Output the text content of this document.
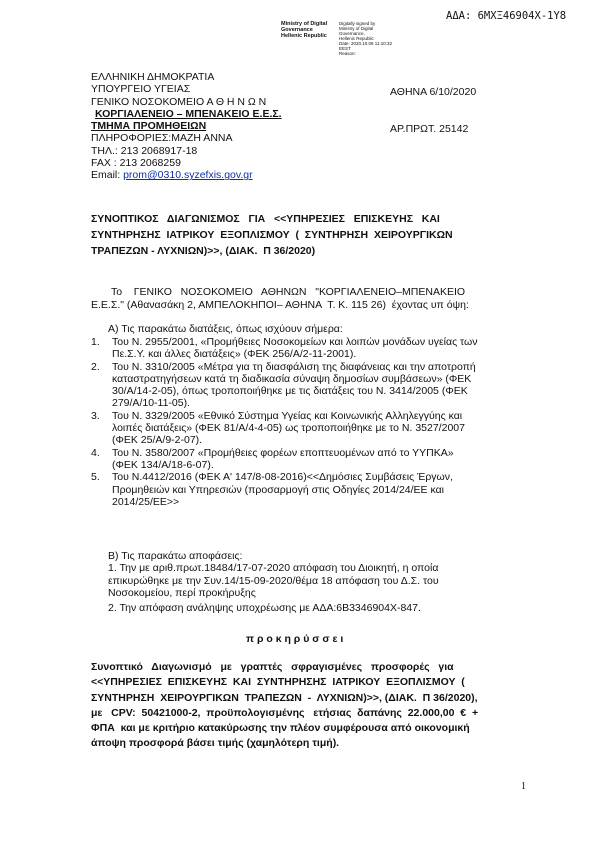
ΑΔΑ: 6ΜΧΞ46904Χ-1Υ8
Ministry of Digital
Governance
Hellenic Republic
Digitally signed by
Ministry of Digital
Governance,
Hellenic Republic
Date: 2020.10.06 11:10:32
EEST
Reason:
ΕΛΛΗΝΙΚΗ ΔΗΜΟΚΡΑΤΙΑ
ΥΠΟΥΡΓΕΙΟ ΥΓΕΙΑΣ
ΓΕΝΙΚΟ ΝΟΣΟΚΟΜΕΙΟ Α Θ Η Ν Ω Ν
ΚΟΡΓΙΑΛΕΝΕΙΟ – ΜΠΕΝΑΚΕΙΟ Ε.Ε.Σ.
ΤΜΗΜΑ ΠΡΟΜΗΘΕΙΩΝ
ΠΛΗΡΟΦΟΡΙΕΣ:ΜΑΖΗ ΑΝΝΑ
ΤΗΛ.: 213 2068917-18
FAX : 213 2068259
Email: prom@0310.syzefxis.gov.gr
ΑΘΗΝΑ 6/10/2020
ΑΡ.ΠΡΩΤ. 25142
ΣΥΝΟΠΤΙΚΟΣ   ΔΙΑΓΩΝΙΣΜΟΣ   ΓΙΑ   <<ΥΠΗΡΕΣΙΕΣ   ΕΠΙΣΚΕΥΗΣ   ΚΑΙ
ΣΥΝΤΗΡΗΣΗΣ  ΙΑΤΡΙΚΟΥ  ΕΞΟΠΛΙΣΜΟΥ  (  ΣΥΝΤΗΡΗΣΗ  ΧΕΙΡΟΥΡΓΙΚΩΝ
ΤΡΑΠΕΖΩΝ - ΛΥΧΝΙΩΝ)>>, (ΔΙΑΚ.  Π 36/2020)
Το    ΓΕΝΙΚΟ   ΝΟΣΟΚΟΜΕΙΟ   ΑΘΗΝΩΝ   "ΚΟΡΓΙΑΛΕΝΕΙΟ–ΜΠΕΝΑΚΕΙΟ
Ε.Ε.Σ." (Αθανασάκη 2, ΑΜΠΕΛΟΚΗΠΟΙ– ΑΘΗΝΑ  Τ. Κ. 115 26)  έχοντας υπ όψη:
Α) Τις παρακάτω διατάξεις, όπως ισχύουν σήμερα:
1. Του Ν. 2955/2001, «Προμήθειες Νοσοκομείων και λοιπών μονάδων υγείας των
Πε.Σ.Υ. και άλλες διατάξεις» (ΦΕΚ 256/Α/2-11-2001).
2. Του Ν. 3310/2005 «Μέτρα για τη διασφάλιση της διαφάνειας και την αποτροπή
καταστρατηγήσεων κατά τη διαδικασία σύναψη δημοσίων συμβάσεων» (ΦΕΚ
30/Α/14-2-05), όπως τροποποιήθηκε με τις διατάξεις του Ν. 3414/2005 (ΦΕΚ
279/Α/10-11-05).
3. Του Ν. 3329/2005 «Εθνικό Σύστημα Υγείας και Κοινωνικής Αλληλεγγύης και
λοιπές διατάξεις» (ΦΕΚ 81/Α/4-4-05) ως τροποποιήθηκε με το Ν. 3527/2007
(ΦΕΚ 25/Α/9-2-07).
4. Του Ν. 3580/2007 «Προμήθειες φορέων εποπτευομένων από το ΥΥΠΚΑ»
(ΦΕΚ 134/Α/18-6-07).
5. Του Ν.4412/2016 (ΦΕΚ Α' 147/8-08-2016)<<Δημόσιες Συμβάσεις Έργων,
Προμηθειών και Υπηρεσιών (προσαρμογή στις Οδηγίες 2014/24/ΕΕ και
2014/25/ΕΕ>>
Β) Τις παρακάτω αποφάσεις:
1. Την με αριθ.πρωτ.18484/17-07-2020 απόφαση του Διοικητή, η οποία
επικυρώθηκε με την Συν.14/15-09-2020/θέμα 18 απόφαση του Δ.Σ. του
Νοσοκομείου, περί προκήρυξης
2. Την απόφαση ανάληψης υποχρέωσης με ΑΔΑ:6Β3346904Χ-847.
π ρ ο κ η ρ ύ σ σ ε ι
Συνοπτικό   Διαγωνισμό   με   γραπτές   σφραγισμένες   προσφορές   για
<<ΥΠΗΡΕΣΙΕΣ  ΕΠΙΣΚΕΥΗΣ  ΚΑΙ  ΣΥΝΤΗΡΗΣΗΣ  ΙΑΤΡΙΚΟΥ  ΕΞΟΠΛΙΣΜΟΥ  (
ΣΥΝΤΗΡΗΣΗ  ΧΕΙΡΟΥΡΓΙΚΩΝ  ΤΡΑΠΕΖΩΝ  -  ΛΥΧΝΙΩΝ)>>, (ΔΙΑΚ.  Π 36/2020),
με   CPV:  50421000-2,  προϋπολογισμένης   ετήσιας  δαπάνης  22.000,00  €  +
ΦΠΑ  και με κριτήριο κατακύρωσης την πλέον συμφέρουσα από οικονομική
άποψη προσφορά βάσει τιμής (χαμηλότερη τιμή).
1
